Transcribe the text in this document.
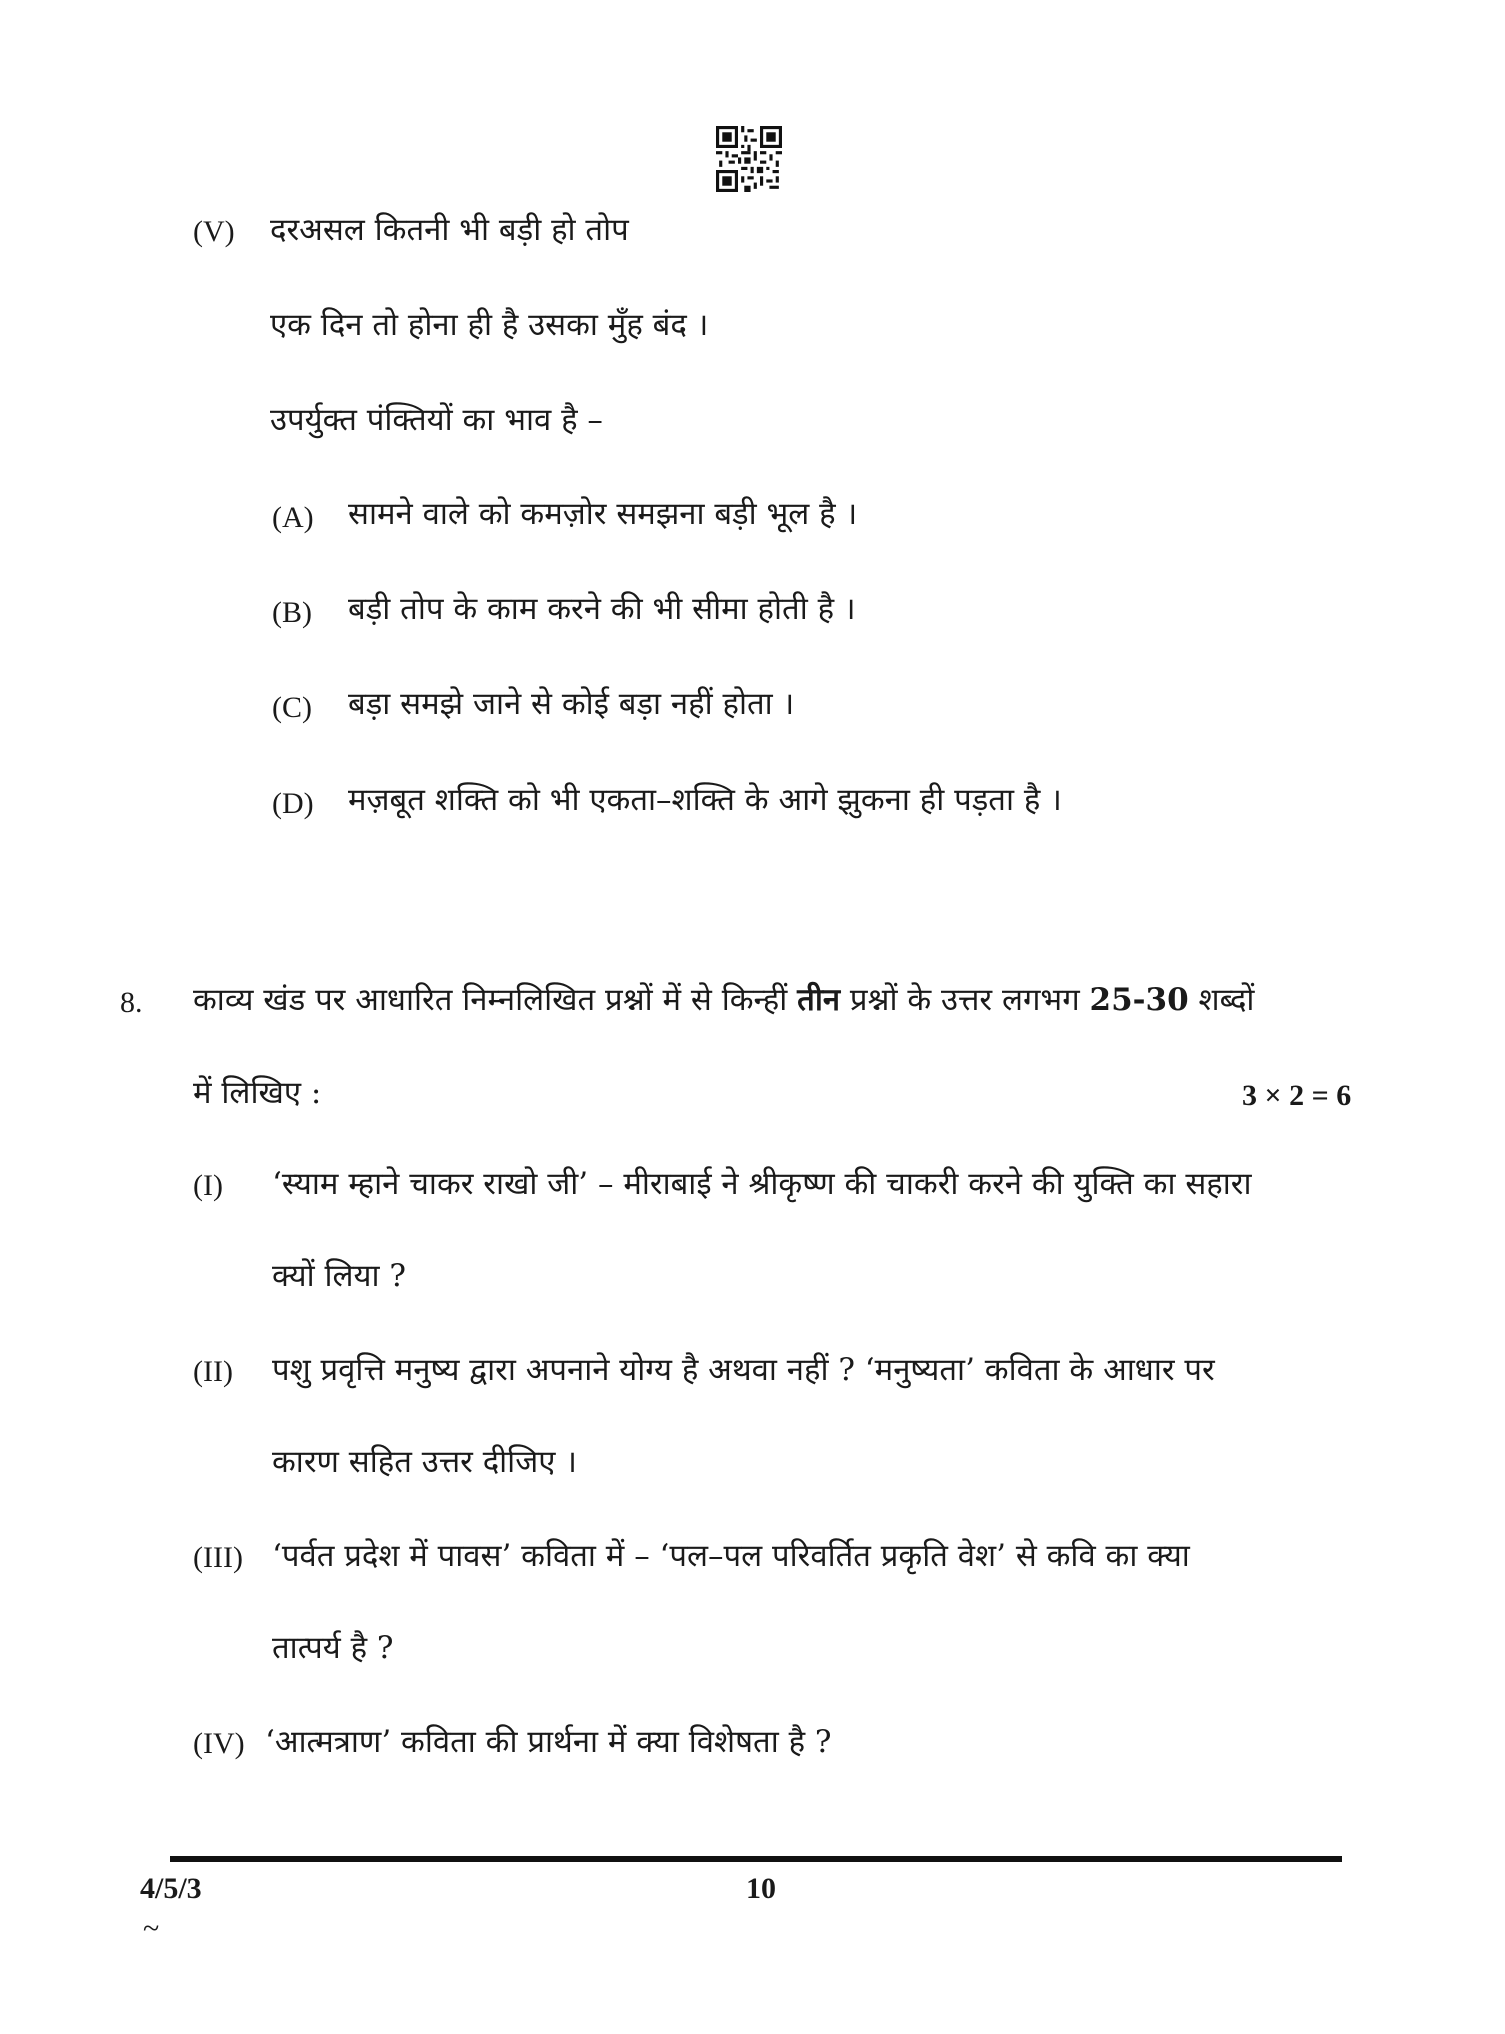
(V) दरअसल कितनी भी बड़ी हो तोप
एक दिन तो होना ही है उसका मुँह बंद ।
उपर्युक्त पंक्तियों का भाव है –
(A) सामने वाले को कमज़ोर समझना बड़ी भूल है ।
(B) बड़ी तोप के काम करने की भी सीमा होती है ।
(C) बड़ा समझे जाने से कोई बड़ा नहीं होता ।
(D) मज़बूत शक्ति को भी एकता–शक्ति के आगे झुकना ही पड़ता है ।
8. काव्य खंड पर आधारित निम्नलिखित प्रश्नों में से किन्हीं तीन प्रश्नों के उत्तर लगभग 25-30 शब्दों
में लिखिए :	3 × 2 = 6
(I) ‘स्याम म्हाने चाकर राखो जी’ – मीराबाई ने श्रीकृष्ण की चाकरी करने की युक्ति का सहारा
क्यों लिया ?
(II) पशु प्रवृत्ति मनुष्य द्वारा अपनाने योग्य है अथवा नहीं ? ‘मनुष्यता’ कविता के आधार पर
कारण सहित उत्तर दीजिए ।
(III) ‘पर्वत प्रदेश में पावस’ कविता में – ‘पल–पल परिवर्तित प्रकृति वेश’ से कवि का क्या
तात्पर्य है ?
(IV) ‘आत्मत्राण’ कविता की प्रार्थना में क्या विशेषता है ?
4/5/3	10
~
